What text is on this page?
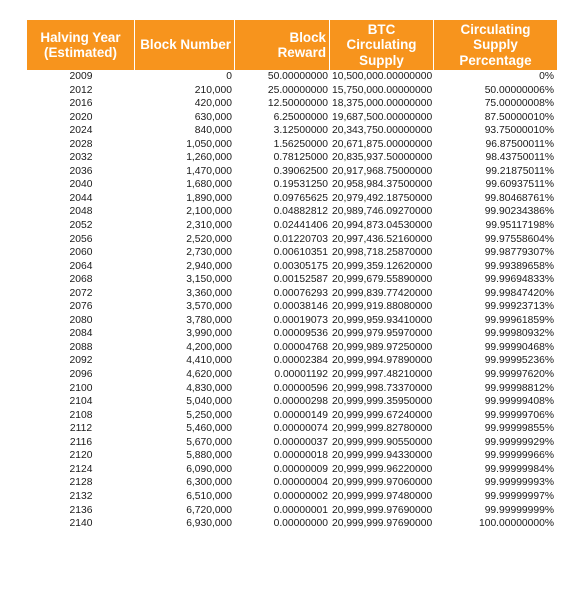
Halving Year (Estimated)	Block Number	Block Reward	BTC Circulating Supply	Circulating Supply Percentage
2009	0	50.00000000	10,500,000.00000000	0%
2012	210,000	25.00000000	15,750,000.00000000	50.00000006%
2016	420,000	12.50000000	18,375,000.00000000	75.00000008%
2020	630,000	6.25000000	19,687,500.00000000	87.50000010%
2024	840,000	3.12500000	20,343,750.00000000	93.75000010%
2028	1,050,000	1.56250000	20,671,875.00000000	96.87500011%
2032	1,260,000	0.78125000	20,835,937.50000000	98.43750011%
2036	1,470,000	0.39062500	20,917,968.75000000	99.21875011%
2040	1,680,000	0.19531250	20,958,984.37500000	99.60937511%
2044	1,890,000	0.09765625	20,979,492.18750000	99.80468761%
2048	2,100,000	0.04882812	20,989,746.09270000	99.90234386%
2052	2,310,000	0.02441406	20,994,873.04530000	99.95117198%
2056	2,520,000	0.01220703	20,997,436.52160000	99.97558604%
2060	2,730,000	0.00610351	20,998,718.25870000	99.98779307%
2064	2,940,000	0.00305175	20,999,359.12620000	99.99389658%
2068	3,150,000	0.00152587	20,999,679.55890000	99.99694833%
2072	3,360,000	0.00076293	20,999,839.77420000	99.99847420%
2076	3,570,000	0.00038146	20,999,919.88080000	99.99923713%
2080	3,780,000	0.00019073	20,999,959.93410000	99.99961859%
2084	3,990,000	0.00009536	20,999,979.95970000	99.99980932%
2088	4,200,000	0.00004768	20,999,989.97250000	99.99990468%
2092	4,410,000	0.00002384	20,999,994.97890000	99.99995236%
2096	4,620,000	0.00001192	20,999,997.48210000	99.99997620%
2100	4,830,000	0.00000596	20,999,998.73370000	99.99998812%
2104	5,040,000	0.00000298	20,999,999.35950000	99.99999408%
2108	5,250,000	0.00000149	20,999,999.67240000	99.99999706%
2112	5,460,000	0.00000074	20,999,999.82780000	99.99999855%
2116	5,670,000	0.00000037	20,999,999.90550000	99.99999929%
2120	5,880,000	0.00000018	20,999,999.94330000	99.99999966%
2124	6,090,000	0.00000009	20,999,999.96220000	99.99999984%
2128	6,300,000	0.00000004	20,999,999.97060000	99.99999993%
2132	6,510,000	0.00000002	20,999,999.97480000	99.99999997%
2136	6,720,000	0.00000001	20,999,999.97690000	99.99999999%
2140	6,930,000	0.00000000	20,999,999.97690000	100.00000000%
